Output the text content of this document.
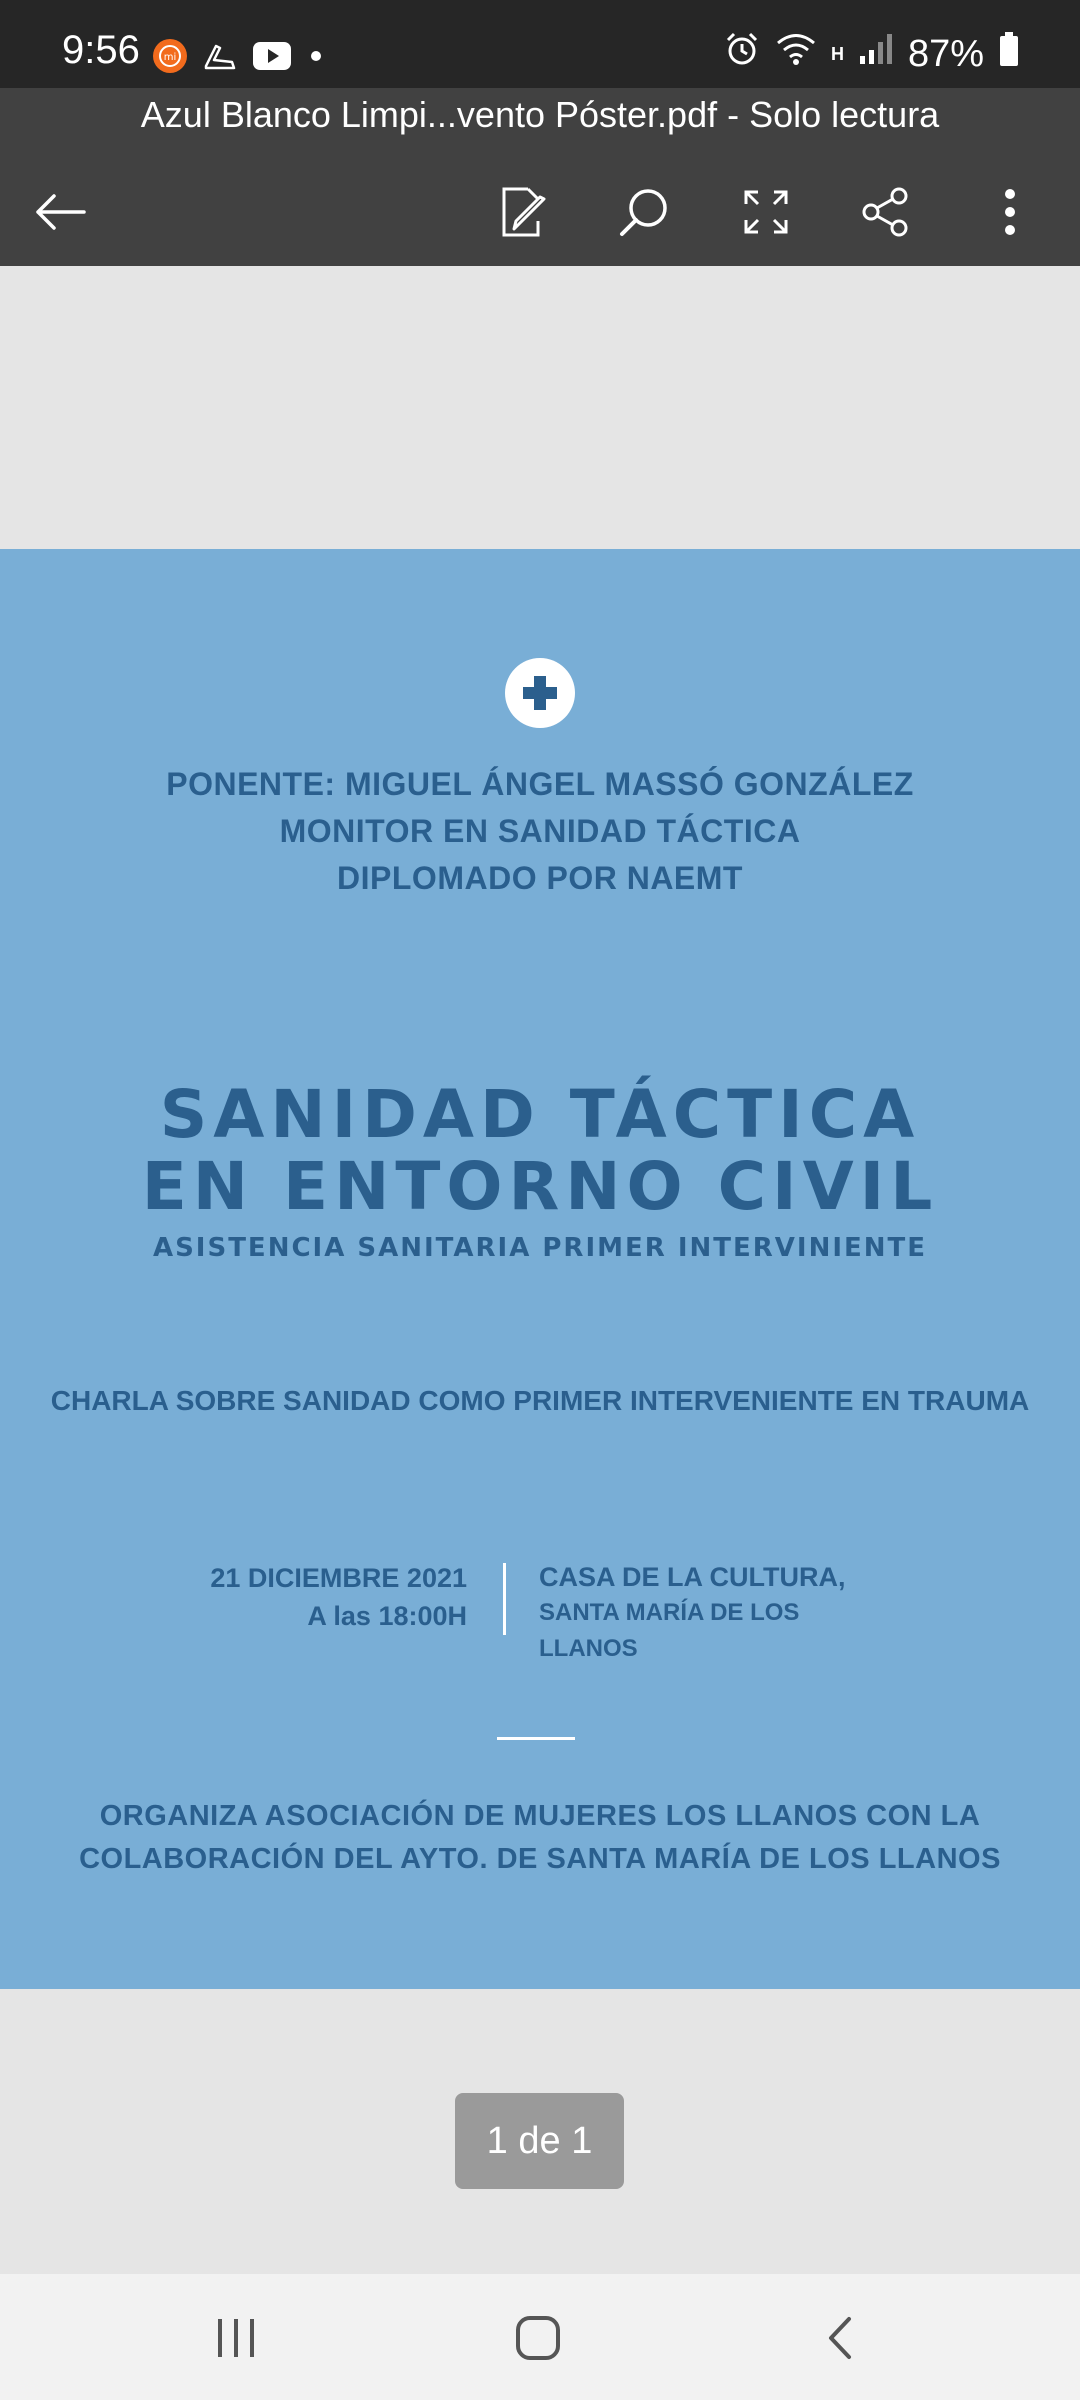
9:56 mi	H 87%
Azul Blanco Limpi...vento Póster.pdf - Solo lectura
PONENTE: MIGUEL ÁNGEL MASSÓ GONZÁLEZ
MONITOR EN SANIDAD TÁCTICA
DIPLOMADO POR NAEMT
SANIDAD TÁCTICA
EN ENTORNO CIVIL
ASISTENCIA SANITARIA PRIMER INTERVINIENTE
CHARLA SOBRE SANIDAD COMO PRIMER INTERVENIENTE EN TRAUMA
21 DICIEMBRE 2021
A las 18:00H
CASA DE LA CULTURA,
SANTA MARÍA DE LOS
LLANOS
ORGANIZA ASOCIACIÓN DE MUJERES LOS LLANOS CON LA
COLABORACIÓN DEL AYTO. DE SANTA MARÍA DE LOS LLANOS
1 de 1
